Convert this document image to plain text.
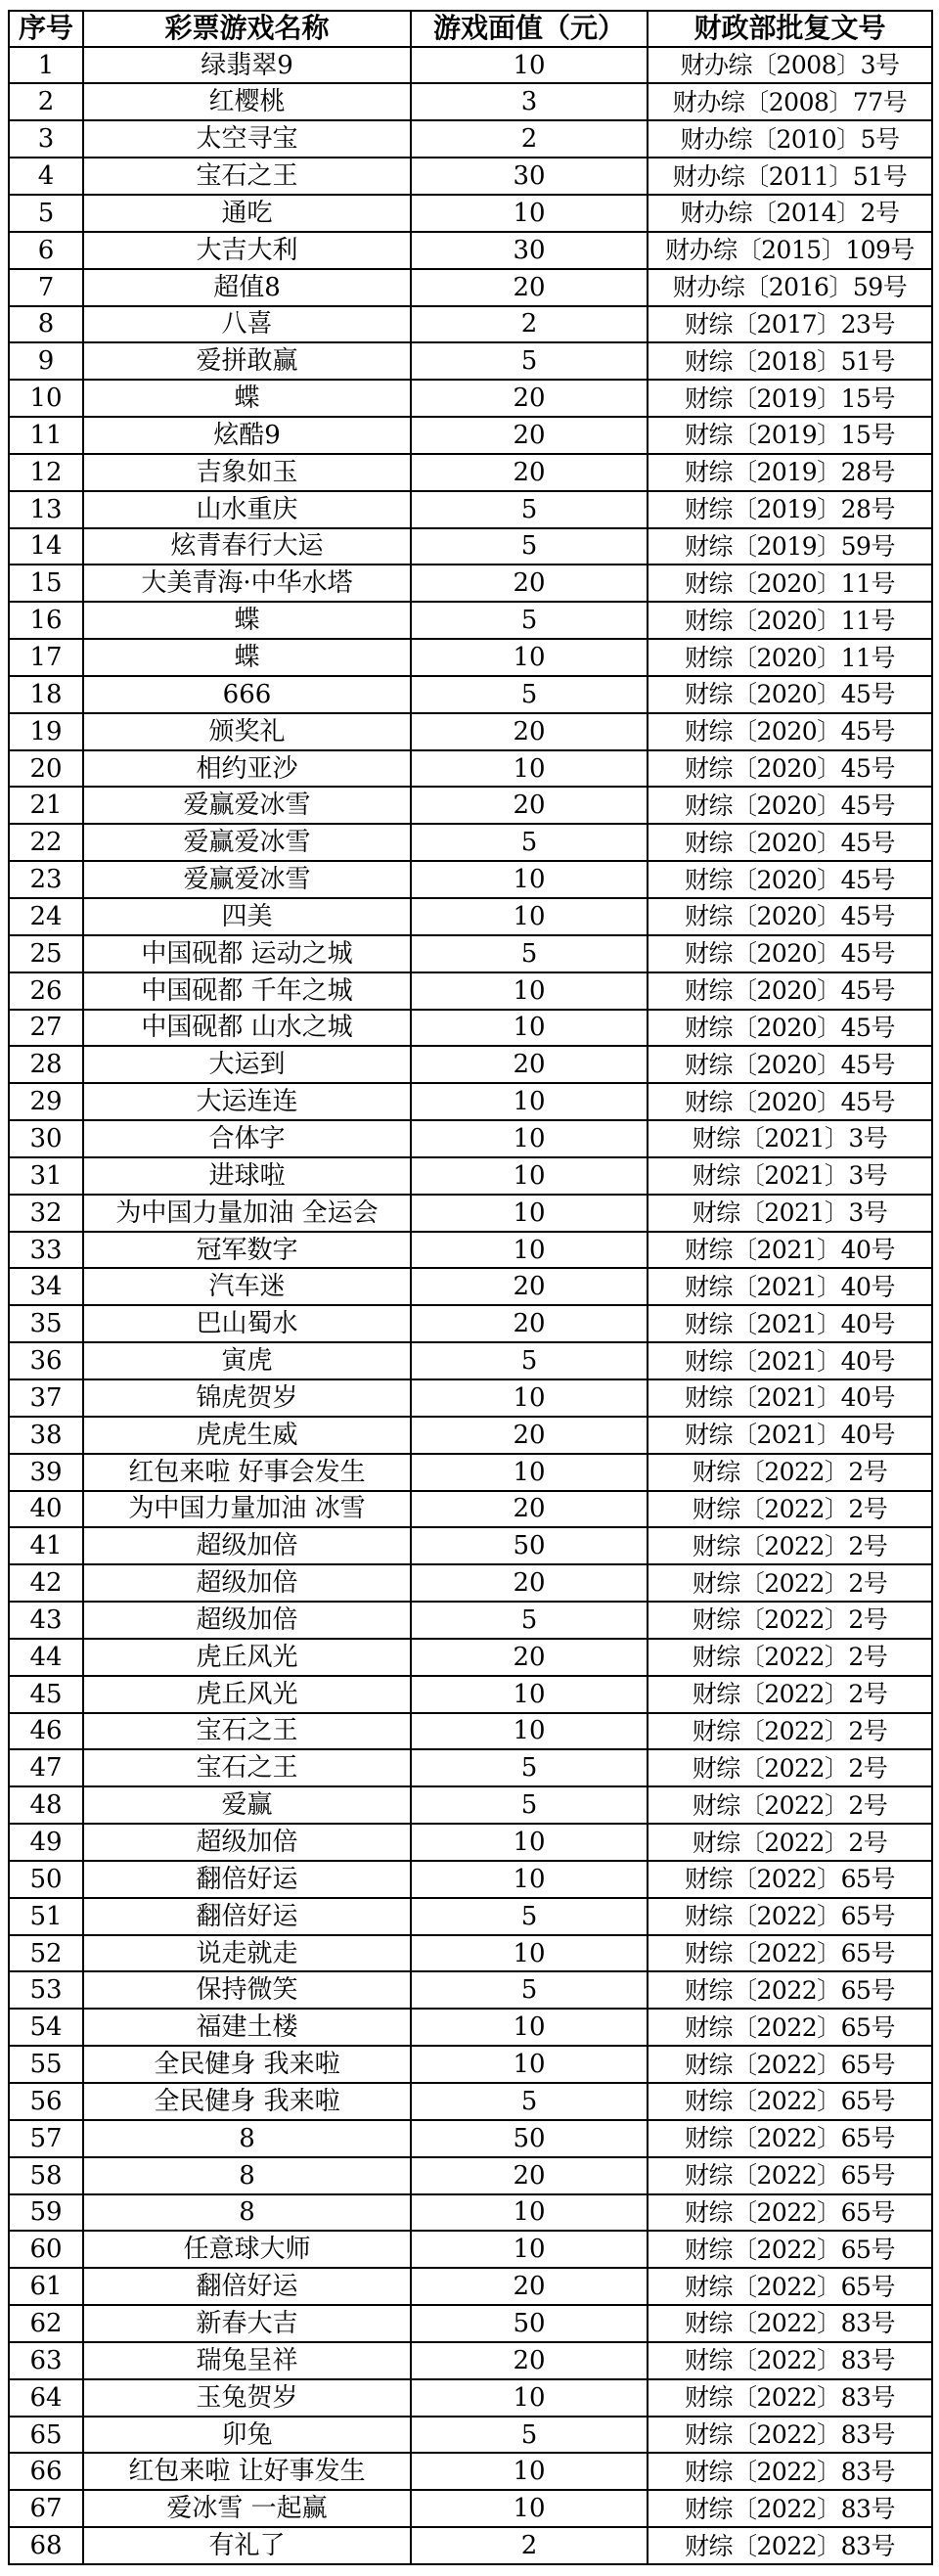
序号	彩票游戏名称	游戏面值（元）	财政部批复文号
1	绿翡翠9	10	财办综〔2008〕3号
2	红樱桃	3	财办综〔2008〕77号
3	太空寻宝	2	财办综〔2010〕5号
4	宝石之王	30	财办综〔2011〕51号
5	通吃	10	财办综〔2014〕2号
6	大吉大利	30	财办综〔2015〕109号
7	超值8	20	财办综〔2016〕59号
8	八喜	2	财综〔2017〕23号
9	爱拼敢赢	5	财综〔2018〕51号
10	蝶	20	财综〔2019〕15号
11	炫酷9	20	财综〔2019〕15号
12	吉象如玉	20	财综〔2019〕28号
13	山水重庆	5	财综〔2019〕28号
14	炫青春行大运	5	财综〔2019〕59号
15	大美青海·中华水塔	20	财综〔2020〕11号
16	蝶	5	财综〔2020〕11号
17	蝶	10	财综〔2020〕11号
18	666	5	财综〔2020〕45号
19	颁奖礼	20	财综〔2020〕45号
20	相约亚沙	10	财综〔2020〕45号
21	爱赢爱冰雪	20	财综〔2020〕45号
22	爱赢爱冰雪	5	财综〔2020〕45号
23	爱赢爱冰雪	10	财综〔2020〕45号
24	四美	10	财综〔2020〕45号
25	中国砚都 运动之城	5	财综〔2020〕45号
26	中国砚都 千年之城	10	财综〔2020〕45号
27	中国砚都 山水之城	10	财综〔2020〕45号
28	大运到	20	财综〔2020〕45号
29	大运连连	10	财综〔2020〕45号
30	合体字	10	财综〔2021〕3号
31	进球啦	10	财综〔2021〕3号
32	为中国力量加油 全运会	10	财综〔2021〕3号
33	冠军数字	10	财综〔2021〕40号
34	汽车迷	20	财综〔2021〕40号
35	巴山蜀水	20	财综〔2021〕40号
36	寅虎	5	财综〔2021〕40号
37	锦虎贺岁	10	财综〔2021〕40号
38	虎虎生威	20	财综〔2021〕40号
39	红包来啦 好事会发生	10	财综〔2022〕2号
40	为中国力量加油 冰雪	20	财综〔2022〕2号
41	超级加倍	50	财综〔2022〕2号
42	超级加倍	20	财综〔2022〕2号
43	超级加倍	5	财综〔2022〕2号
44	虎丘风光	20	财综〔2022〕2号
45	虎丘风光	10	财综〔2022〕2号
46	宝石之王	10	财综〔2022〕2号
47	宝石之王	5	财综〔2022〕2号
48	爱赢	5	财综〔2022〕2号
49	超级加倍	10	财综〔2022〕2号
50	翻倍好运	10	财综〔2022〕65号
51	翻倍好运	5	财综〔2022〕65号
52	说走就走	10	财综〔2022〕65号
53	保持微笑	5	财综〔2022〕65号
54	福建土楼	10	财综〔2022〕65号
55	全民健身 我来啦	10	财综〔2022〕65号
56	全民健身 我来啦	5	财综〔2022〕65号
57	8	50	财综〔2022〕65号
58	8	20	财综〔2022〕65号
59	8	10	财综〔2022〕65号
60	任意球大师	10	财综〔2022〕65号
61	翻倍好运	20	财综〔2022〕65号
62	新春大吉	50	财综〔2022〕83号
63	瑞兔呈祥	20	财综〔2022〕83号
64	玉兔贺岁	10	财综〔2022〕83号
65	卯兔	5	财综〔2022〕83号
66	红包来啦 让好事发生	10	财综〔2022〕83号
67	爱冰雪 一起赢	10	财综〔2022〕83号
68	有礼了	2	财综〔2022〕83号
